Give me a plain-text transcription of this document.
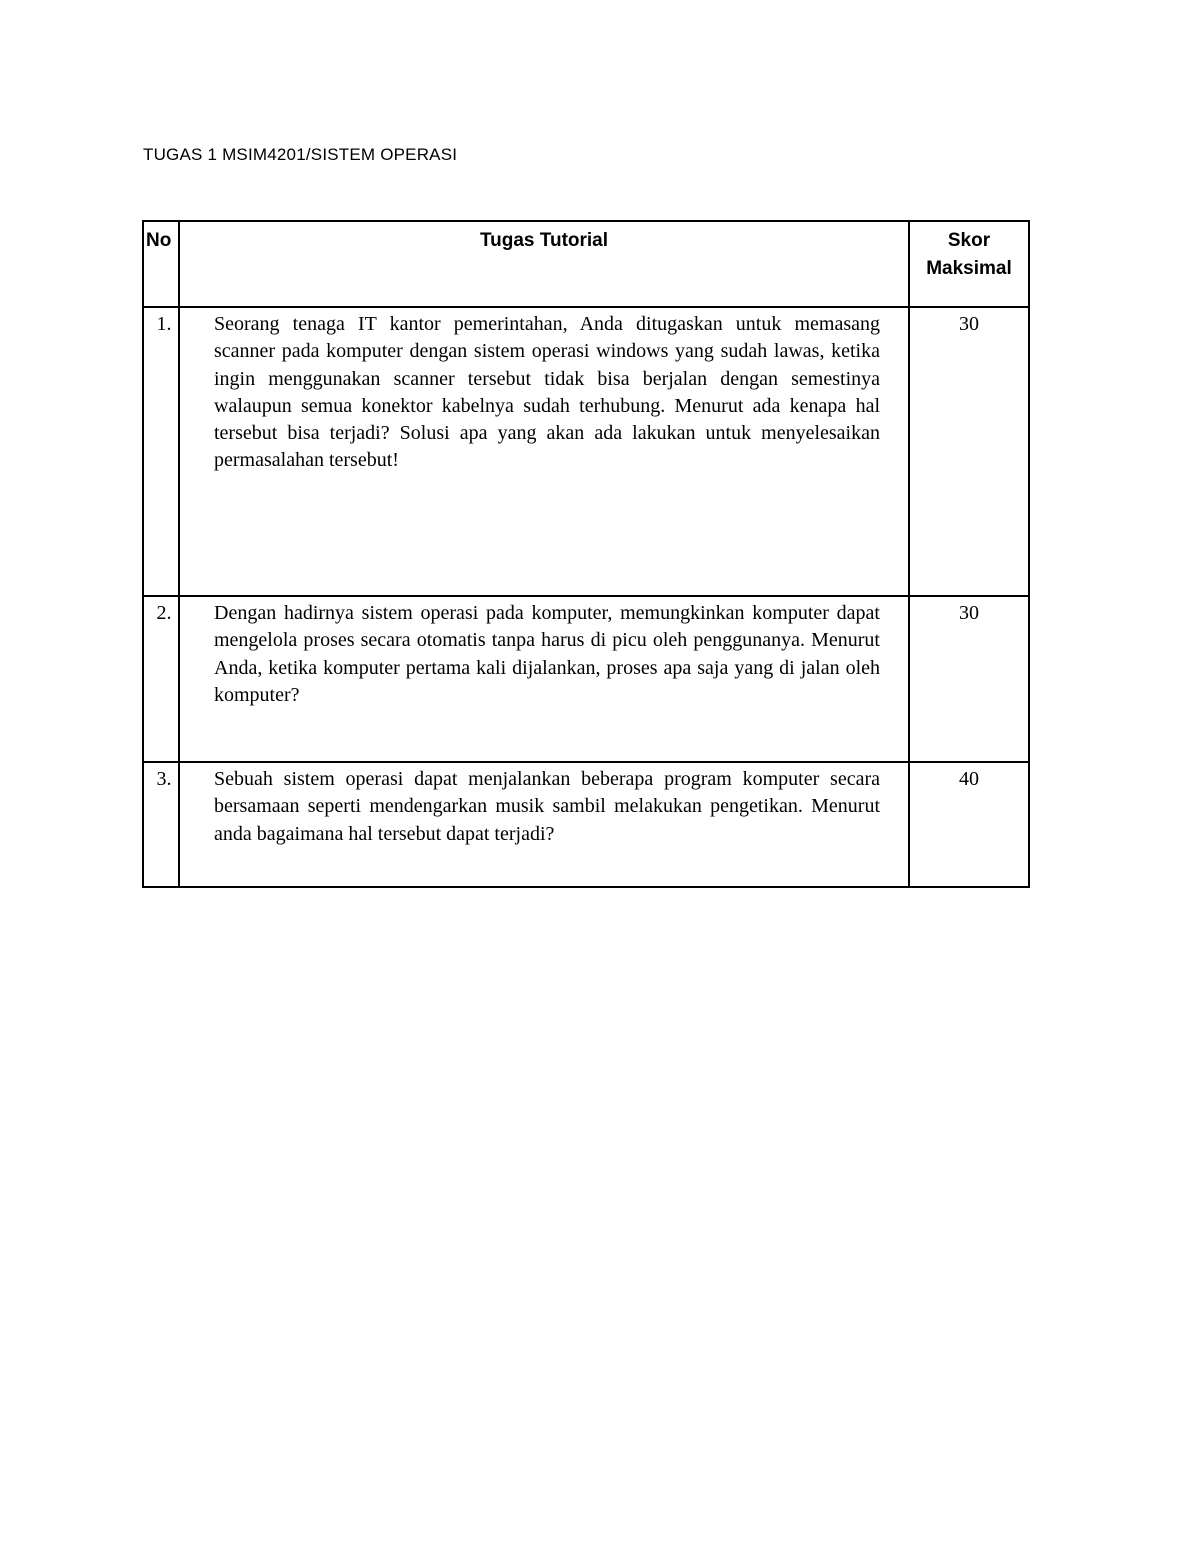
TUGAS 1 MSIM4201/SISTEM OPERASI
No	Tugas Tutorial	Skor
Maksimal

1.	Seorang tenaga IT kantor pemerintahan, Anda ditugaskan untuk memasang scanner pada komputer dengan sistem operasi windows yang sudah lawas, ketika ingin menggunakan scanner tersebut tidak bisa berjalan dengan semestinya walaupun semua konektor kabelnya sudah terhubung. Menurut ada kenapa hal tersebut bisa terjadi? Solusi apa yang akan ada lakukan untuk menyelesaikan permasalahan tersebut!	30
2.	Dengan hadirnya sistem operasi pada komputer, memungkinkan komputer dapat mengelola proses secara otomatis tanpa harus di picu oleh penggunanya. Menurut Anda, ketika komputer pertama kali dijalankan, proses apa saja yang di jalan oleh komputer?	30
3.	Sebuah sistem operasi dapat menjalankan beberapa program komputer secara bersamaan seperti mendengarkan musik sambil melakukan pengetikan. Menurut anda bagaimana hal tersebut dapat terjadi?	40
